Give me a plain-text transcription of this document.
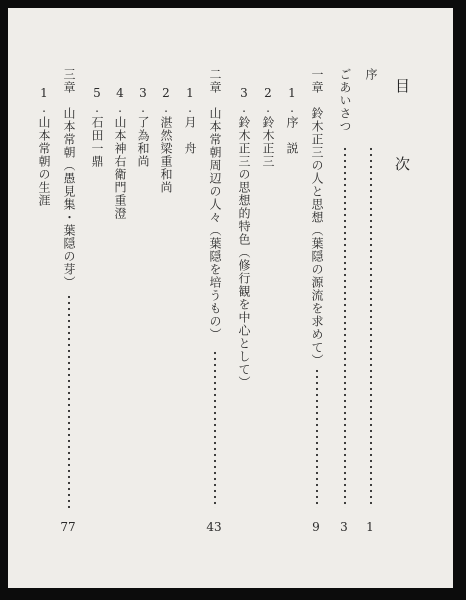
目　次
序
1
ごあいさつ
3
一章　鈴木正三の人と思想（葉隠の源流を求めて）
9
1.序　説
2.鈴木正三
3.鈴木正三の思想的特色（修行観を中心として）
二章　山本常朝周辺の人々（葉隠を培うもの）
43
1.月　舟
2.湛然梁重和尚
3.了為和尚
4.山本神右衛門重澄
5.石田一鼎
三章　山本常朝（愚見集・葉隠の芽）
77
1.山本常朝の生涯
